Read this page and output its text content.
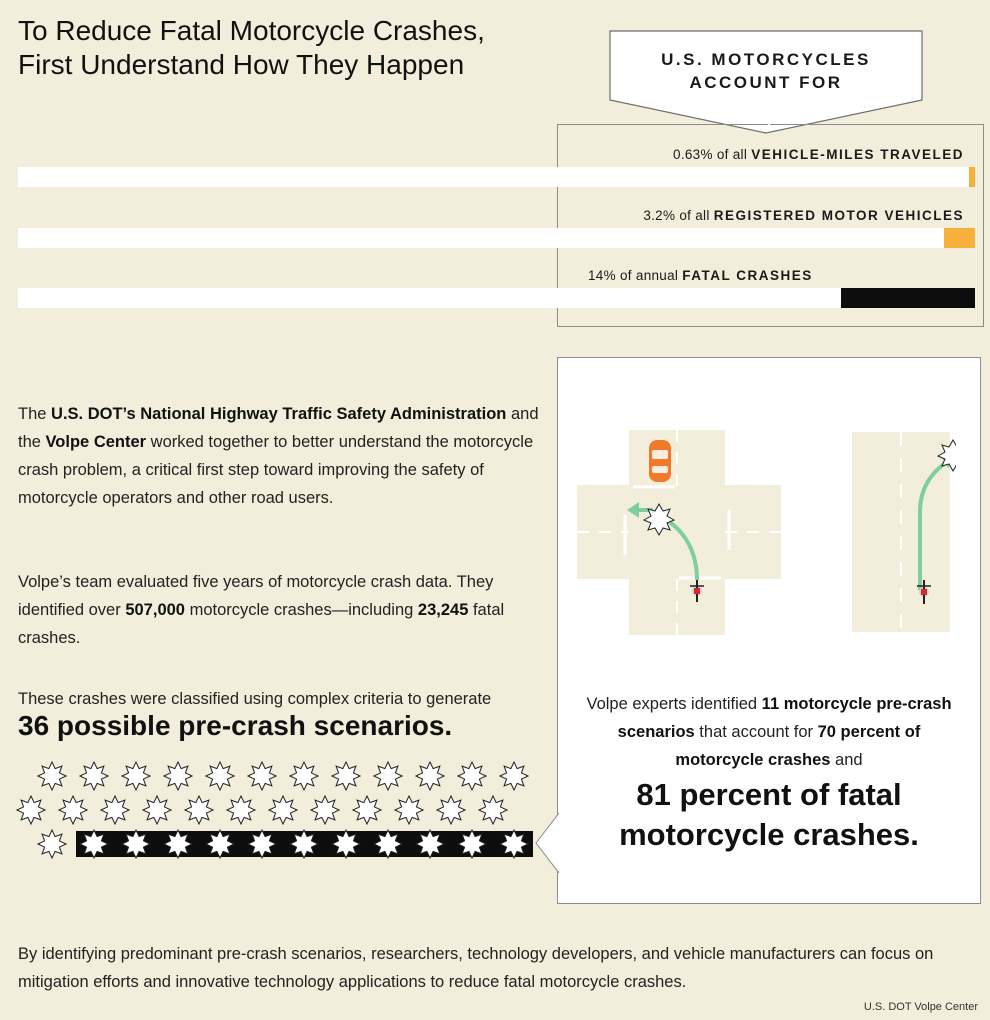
To Reduce Fatal Motorcycle Crashes,
First Understand How They Happen	U.S. MOTORCYCLES
ACCOUNT FOR
0.63% of all VEHICLE-MILES TRAVELED
3.2% of all REGISTERED MOTOR VEHICLES
14% of annual FATAL CRASHES
The U.S. DOT’s National Highway Traffic Safety Administration and the Volpe Center worked together to better understand the motorcycle crash problem, a critical first step toward improving the safety of motorcycle operators and other road users.
Volpe’s team evaluated five years of motorcycle crash data. They identified over 507,000 motorcycle crashes—including 23,245 fatal crashes.
These crashes were classified using complex criteria to generate
36 possible pre-crash scenarios.
Volpe experts identified 11 motorcycle pre-crash scenarios that account for 70 percent of motorcycle crashes and
81 percent of fatal motorcycle crashes.
By identifying predominant pre-crash scenarios, researchers, technology developers, and vehicle manufacturers can focus on mitigation efforts and innovative technology applications to reduce fatal motorcycle crashes.
U.S. DOT Volpe Center
